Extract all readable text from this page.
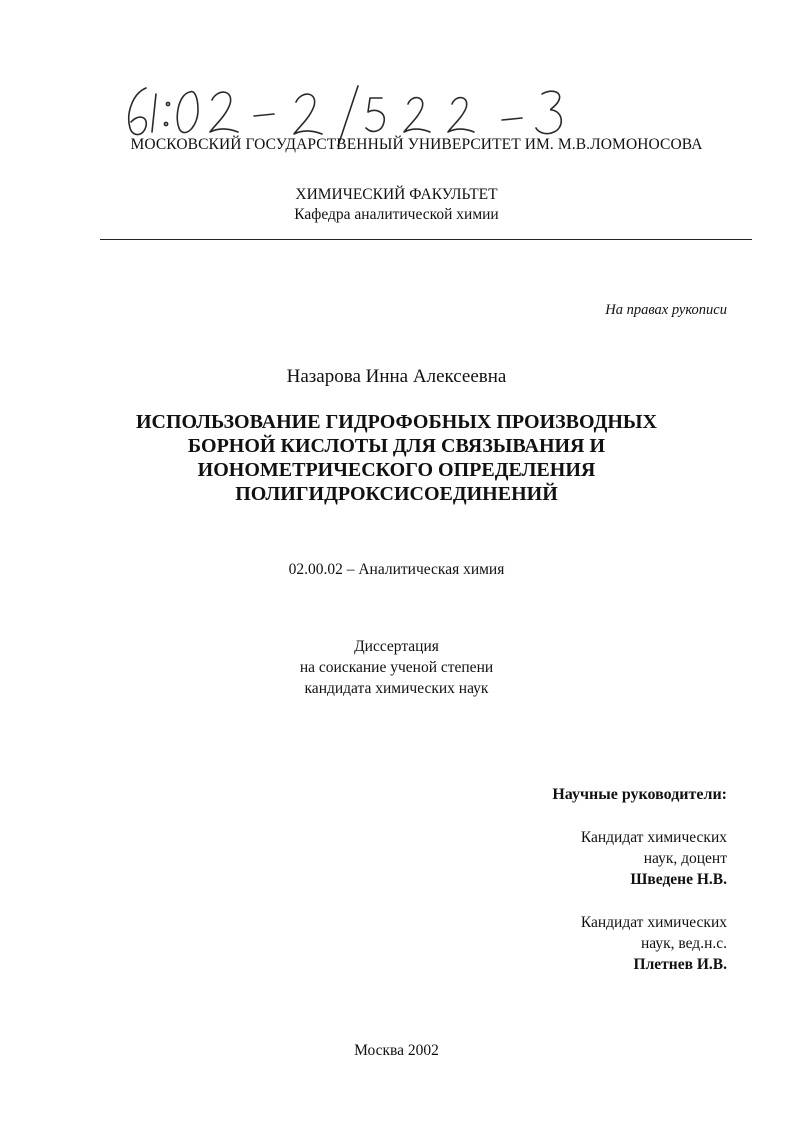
МОСКОВСКИЙ ГОСУДАРСТВЕННЫЙ УНИВЕРСИТЕТ ИМ. М.В.ЛОМОНОСОВА
ХИМИЧЕСКИЙ ФАКУЛЬТЕТ
Кафедра аналитической химии
На правах рукописи
Назарова Инна Алексеевна
ИСПОЛЬЗОВАНИЕ ГИДРОФОБНЫХ ПРОИЗВОДНЫХ
БОРНОЙ КИСЛОТЫ ДЛЯ СВЯЗЫВАНИЯ И
ИОНОМЕТРИЧЕСКОГО ОПРЕДЕЛЕНИЯ
ПОЛИГИДРОКСИСОЕДИНЕНИЙ
02.00.02 – Аналитическая химия
Диссертация
на соискание ученой степени
кандидата химических наук
Научные руководители:
Кандидат химических
наук, доцент
Шведене Н.В.
Кандидат химических
наук, вед.н.с.
Плетнев И.В.
Москва 2002
